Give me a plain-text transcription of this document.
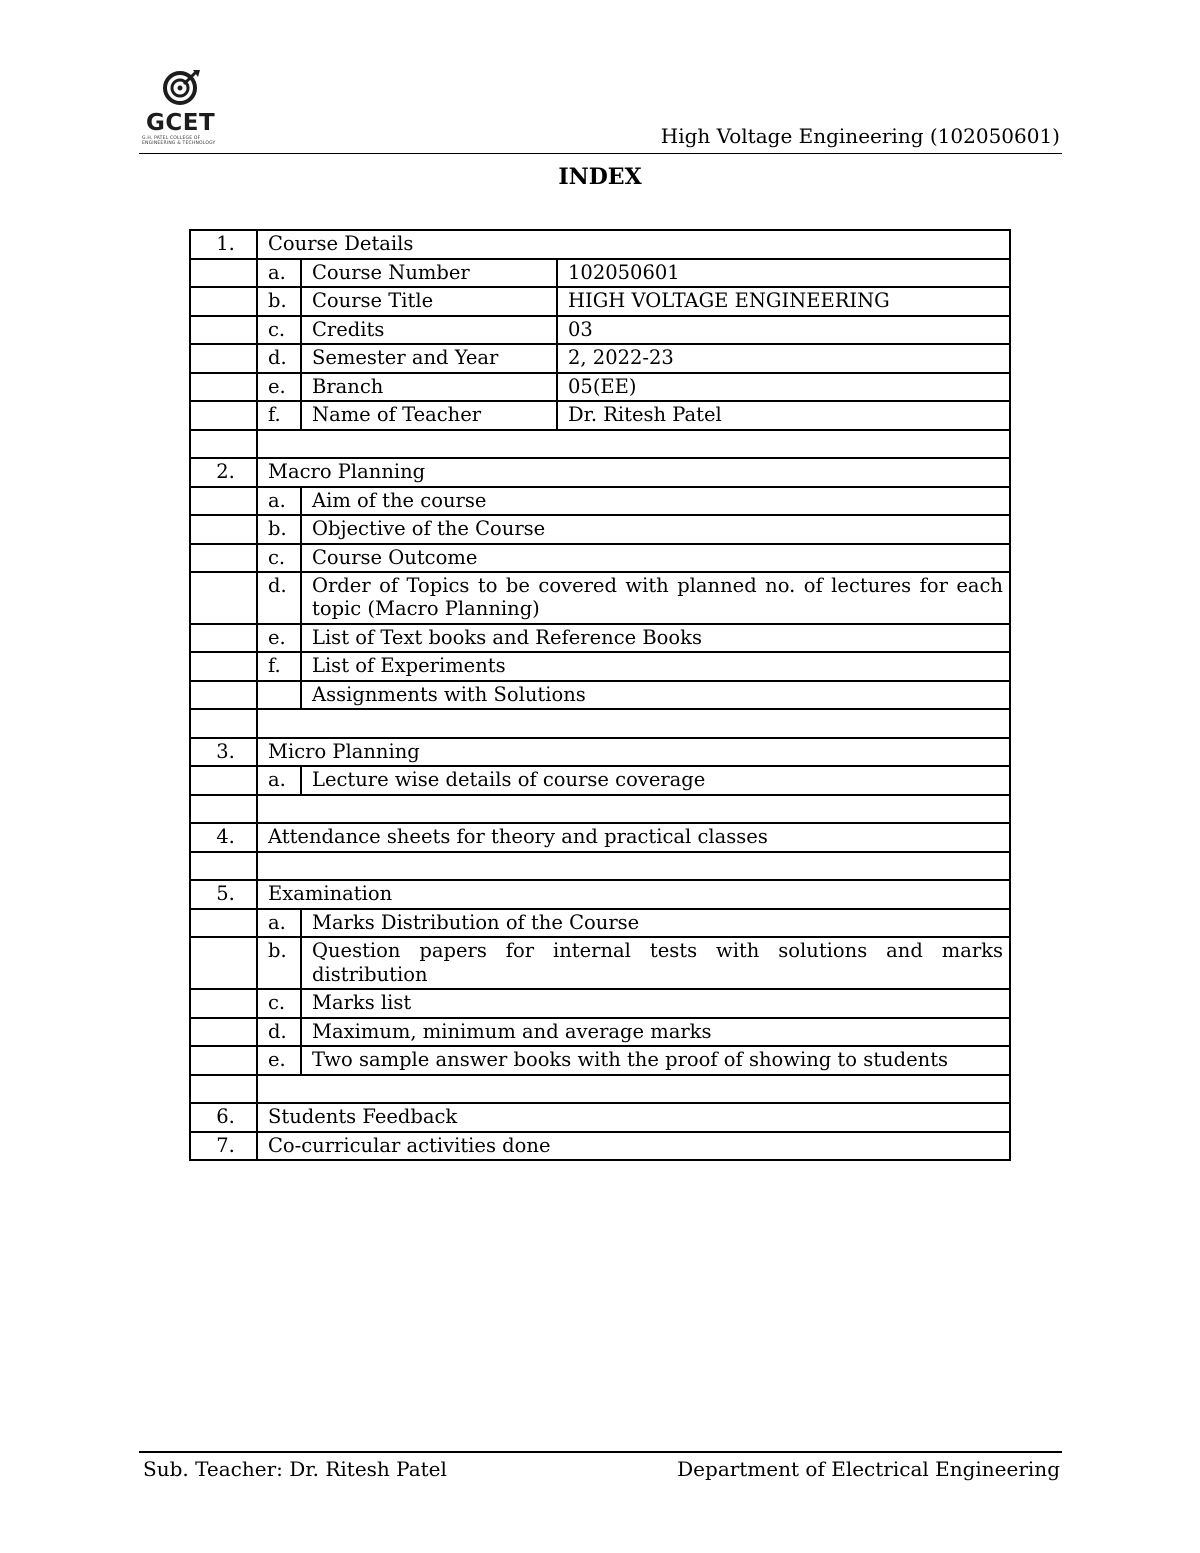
GCET
G.H. PATEL COLLEGE OF
ENGINEERING & TECHNOLOGY	High Voltage Engineering (102050601)
INDEX
1.	Course Details		
	a.	Course Number	102050601
	b.	Course Title	HIGH VOLTAGE ENGINEERING
	c.	Credits	03
	d.	Semester and Year	2, 2022-23
	e.	Branch	05(EE)
	f.	Name of Teacher	Dr. Ritesh Patel

2.	Macro Planning		
	a.	Aim of the course	
	b.	Objective of the Course	
	c.	Course Outcome	
	d.	Order of Topics to be covered with planned no. of lectures for each topic (Macro Planning)	
	e.	List of Text books and Reference Books	
	f.	List of Experiments	
		Assignments with Solutions	

3.	Micro Planning		
	a.	Lecture wise details of course coverage	

4.	Attendance sheets for theory and practical classes		

5.	Examination		
	a.	Marks Distribution of the Course	
	b.	Question papers for internal tests with solutions and marks distribution	
	c.	Marks list	
	d.	Maximum, minimum and average marks	
	e.	Two sample answer books with the proof of showing to students	

6.	Students Feedback		
7.	Co-curricular activities done		
Sub. Teacher: Dr. Ritesh Patel	Department of Electrical Engineering
